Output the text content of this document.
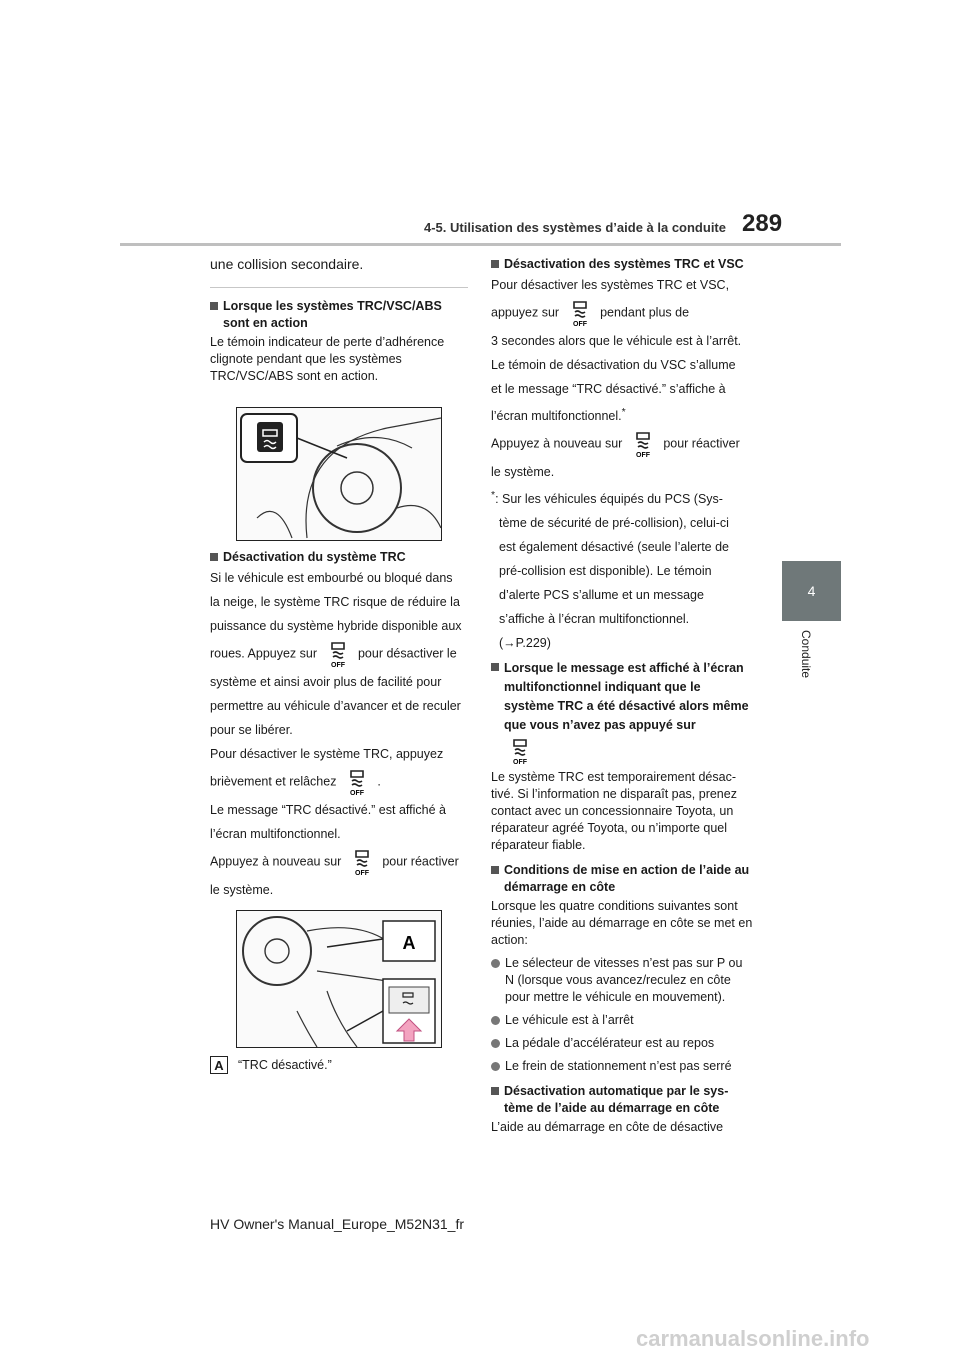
4-5. Utilisation des systèmes d’aide à la conduite 289
4
Conduite

une collision secondaire.

Lorsque les systèmes TRC/VSC/ABS sont en action

Le témoin indicateur de perte d’adhérence clignote pendant que les systèmes TRC/VSC/ABS sont en action.

Désactivation du système TRC

Si le véhicule est embourbé ou bloqué dans

la neige, le système TRC risque de réduire la

puissance du système hybride disponible aux

roues. Appuyez sur
OFF
pour désactiver le

système et ainsi avoir plus de facilité pour

permettre au véhicule d’avancer et de reculer

pour se libérer.

Pour désactiver le système TRC, appuyez

brièvement et relâchez
OFF
.

Le message “TRC désactivé.” est affiché à

l’écran multifonctionnel.

Appuyez à nouveau sur
OFF
pour réactiver

le système.

A
A	“TRC désactivé.”

Désactivation des systèmes TRC et VSC

Pour désactiver les systèmes TRC et VSC,

appuyez sur
OFF
pendant plus de

3 secondes alors que le véhicule est à l’arrêt.

Le témoin de désactivation du VSC s’allume

et le message “TRC désactivé.” s’affiche à

l’écran multifonctionnel.*

Appuyez à nouveau sur
OFF
pour réactiver

le système.

*: Sur les véhicules équipés du PCS (Sys-

tème de sécurité de pré-collision), celui-ci

est également désactivé (seule l’alerte de

pré-collision est disponible). Le témoin

d’alerte PCS s’allume et un message

s’affiche à l’écran multifonctionnel.

(→P.229)

Lorsque le message est affiché à l’écran multifonctionnel indiquant que le système TRC a été désactivé alors même que vous n’avez pas appuyé sur

OFF

Le système TRC est temporairement désac-tivé. Si l’information ne disparaît pas, prenez contact avec un concessionnaire Toyota, un réparateur agréé Toyota, ou n’importe quel réparateur fiable.

Conditions de mise en action de l’aide au démarrage en côte

Lorsque les quatre conditions suivantes sont réunies, l’aide au démarrage en côte se met en action:

Le sélecteur de vitesses n’est pas sur P ou N (lorsque vous avancez/reculez en côte pour mettre le véhicule en mouvement).

Le véhicule est à l’arrêt

La pédale d’accélérateur est au repos

Le frein de stationnement n’est pas serré

Désactivation automatique par le sys-tème de l’aide au démarrage en côte

L’aide au démarrage en côte de désactive

HV Owner's Manual_Europe_M52N31_fr
carmanualsonline.info
